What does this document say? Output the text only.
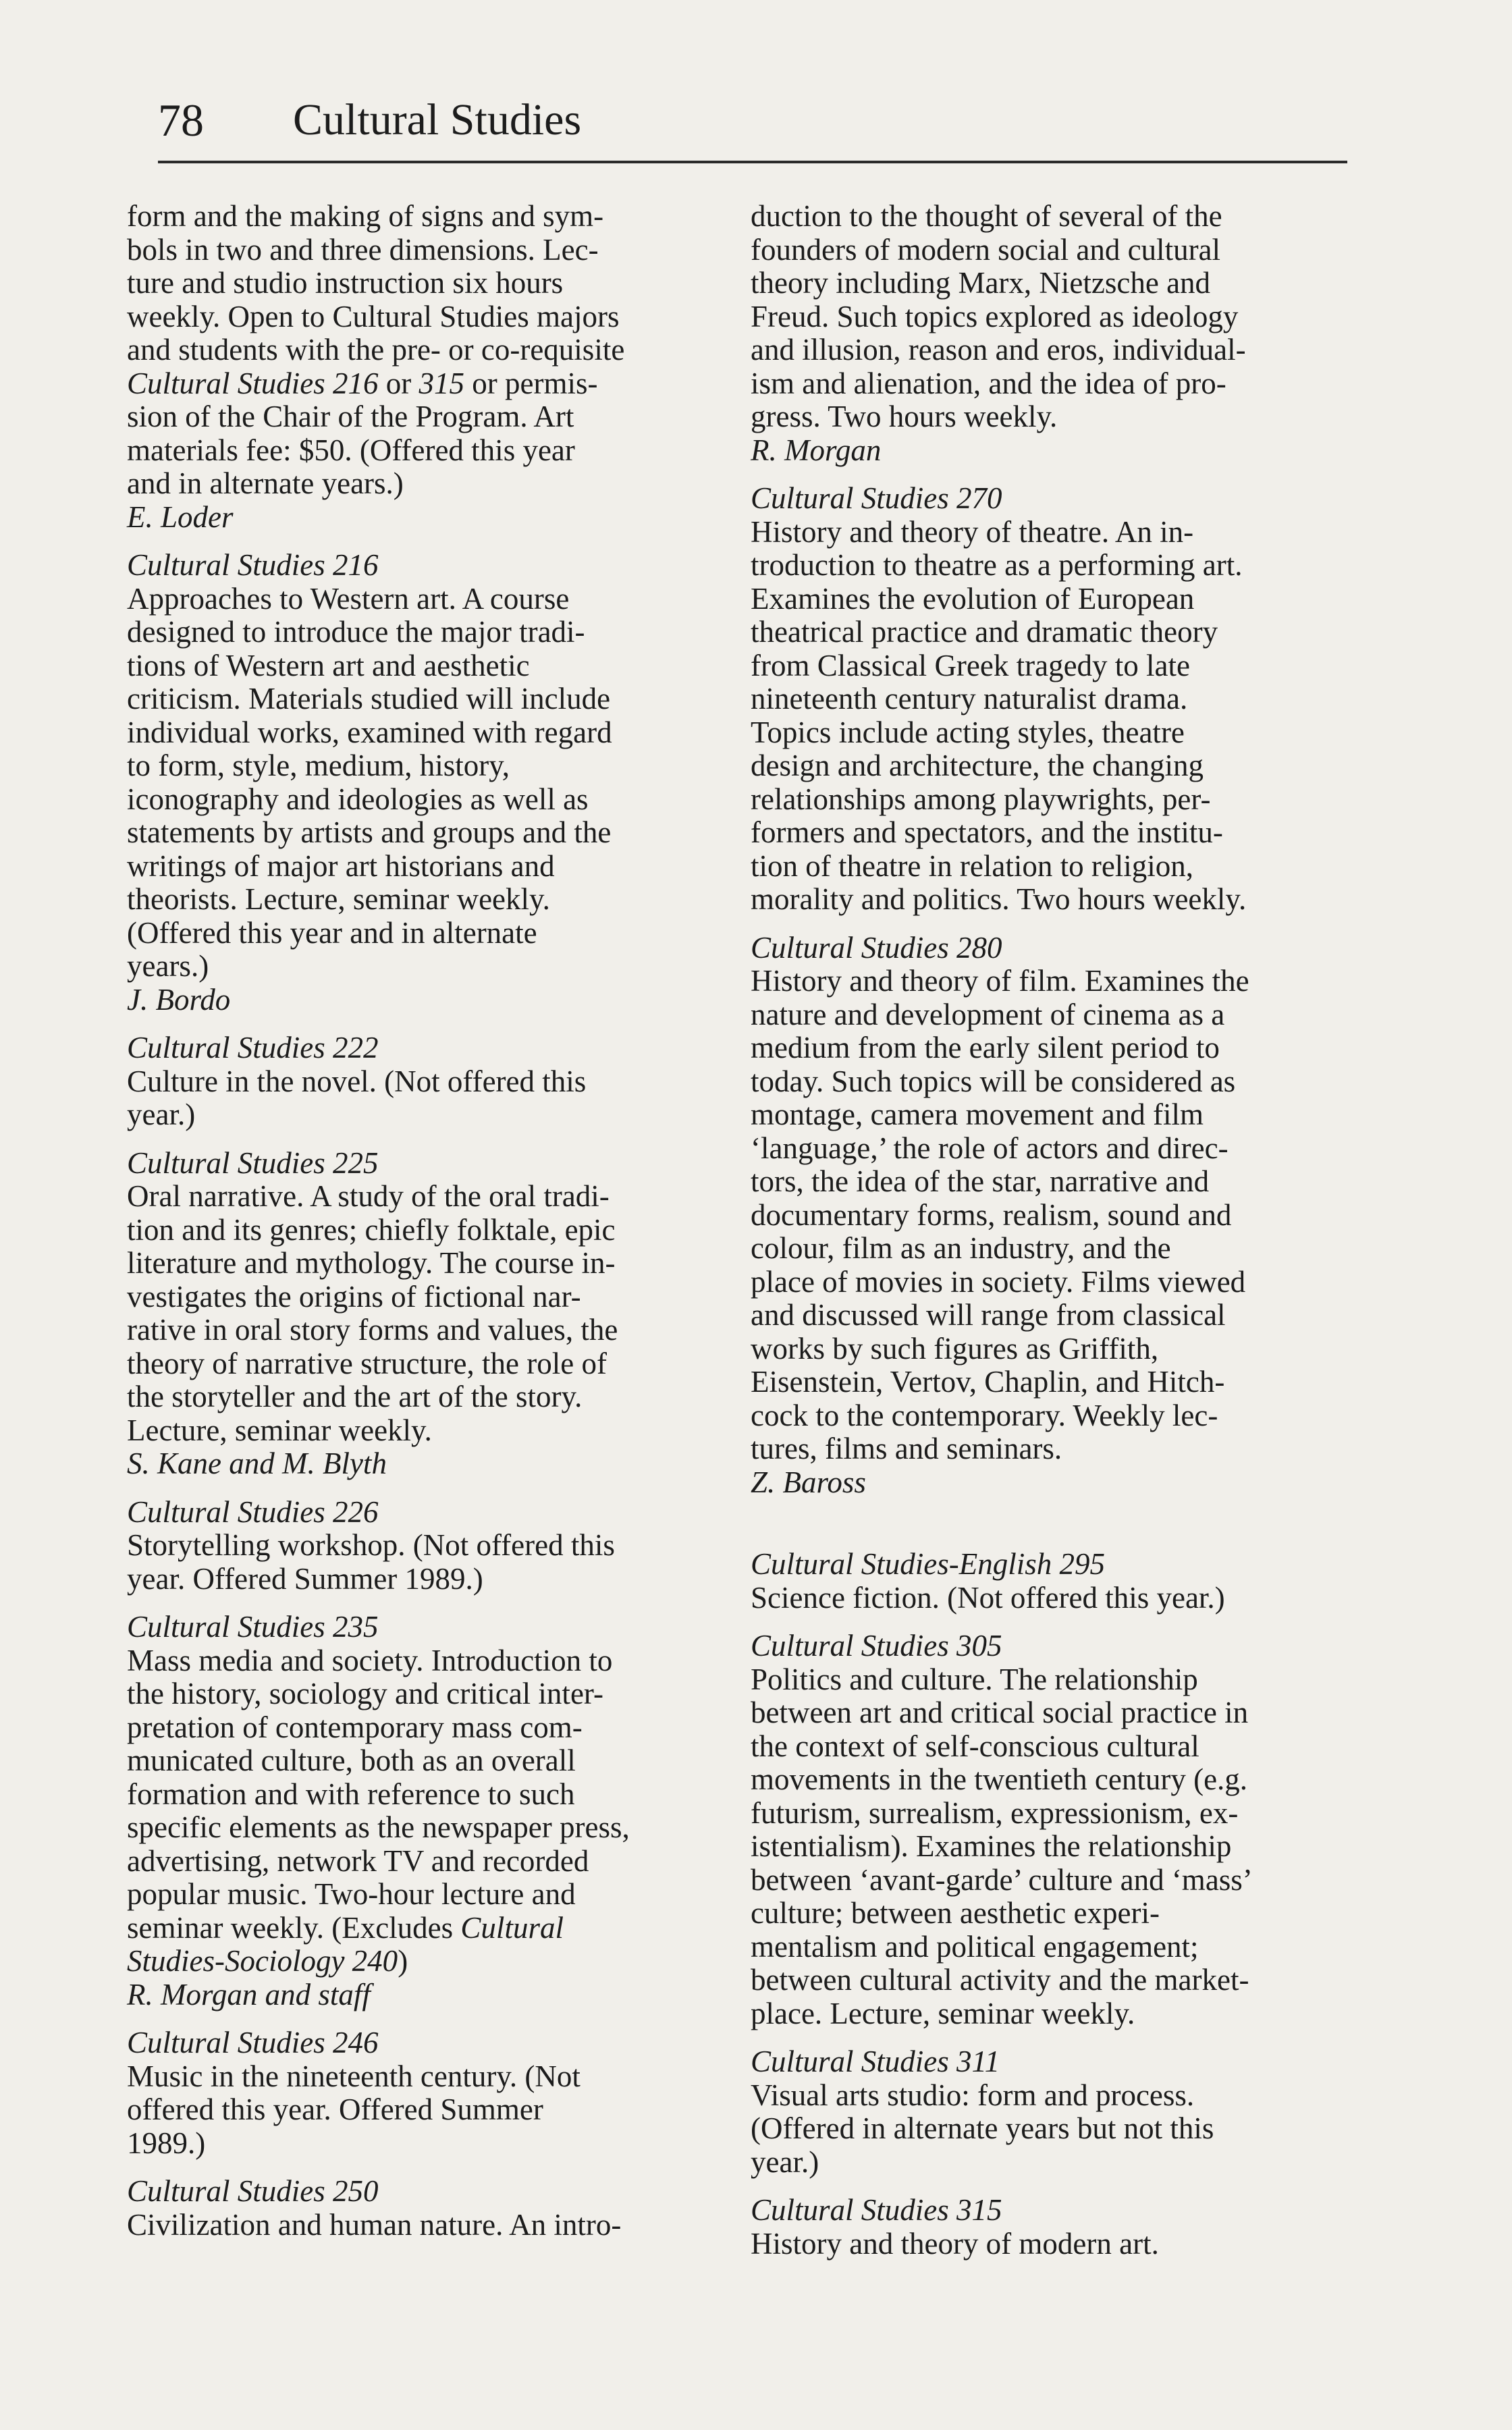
78 Cultural Studies
form and the making of signs and sym-
bols in two and three dimensions. Lec-
ture and studio instruction six hours
weekly. Open to Cultural Studies majors
and students with the pre- or co-requisite
Cultural Studies 216 or 315 or permis-
sion of the Chair of the Program. Art
materials fee: $50. (Offered this year
and in alternate years.)
E. Loder
Cultural Studies 216
Approaches to Western art. A course
designed to introduce the major tradi-
tions of Western art and aesthetic
criticism. Materials studied will include
individual works, examined with regard
to form, style, medium, history,
iconography and ideologies as well as
statements by artists and groups and the
writings of major art historians and
theorists. Lecture, seminar weekly.
(Offered this year and in alternate
years.)
J. Bordo
Cultural Studies 222
Culture in the novel. (Not offered this
year.)
Cultural Studies 225
Oral narrative. A study of the oral tradi-
tion and its genres; chiefly folktale, epic
literature and mythology. The course in-
vestigates the origins of fictional nar-
rative in oral story forms and values, the
theory of narrative structure, the role of
the storyteller and the art of the story.
Lecture, seminar weekly.
S. Kane and M. Blyth
Cultural Studies 226
Storytelling workshop. (Not offered this
year. Offered Summer 1989.)
Cultural Studies 235
Mass media and society. Introduction to
the history, sociology and critical inter-
pretation of contemporary mass com-
municated culture, both as an overall
formation and with reference to such
specific elements as the newspaper press,
advertising, network TV and recorded
popular music. Two-hour lecture and
seminar weekly. (Excludes Cultural
Studies-Sociology 240)
R. Morgan and staff
Cultural Studies 246
Music in the nineteenth century. (Not
offered this year. Offered Summer
1989.)
Cultural Studies 250
Civilization and human nature. An intro-
duction to the thought of several of the
founders of modern social and cultural
theory including Marx, Nietzsche and
Freud. Such topics explored as ideology
and illusion, reason and eros, individual-
ism and alienation, and the idea of pro-
gress. Two hours weekly.
R. Morgan
Cultural Studies 270
History and theory of theatre. An in-
troduction to theatre as a performing art.
Examines the evolution of European
theatrical practice and dramatic theory
from Classical Greek tragedy to late
nineteenth century naturalist drama.
Topics include acting styles, theatre
design and architecture, the changing
relationships among playwrights, per-
formers and spectators, and the institu-
tion of theatre in relation to religion,
morality and politics. Two hours weekly.
Cultural Studies 280
History and theory of film. Examines the
nature and development of cinema as a
medium from the early silent period to
today. Such topics will be considered as
montage, camera movement and film
‘language,’ the role of actors and direc-
tors, the idea of the star, narrative and
documentary forms, realism, sound and
colour, film as an industry, and the
place of movies in society. Films viewed
and discussed will range from classical
works by such figures as Griffith,
Eisenstein, Vertov, Chaplin, and Hitch-
cock to the contemporary. Weekly lec-
tures, films and seminars.
Z. Baross
Cultural Studies-English 295
Science fiction. (Not offered this year.)
Cultural Studies 305
Politics and culture. The relationship
between art and critical social practice in
the context of self-conscious cultural
movements in the twentieth century (e.g.
futurism, surrealism, expressionism, ex-
istentialism). Examines the relationship
between ‘avant-garde’ culture and ‘mass’
culture; between aesthetic experi-
mentalism and political engagement;
between cultural activity and the market-
place. Lecture, seminar weekly.
Cultural Studies 311
Visual arts studio: form and process.
(Offered in alternate years but not this
year.)
Cultural Studies 315
History and theory of modern art.
